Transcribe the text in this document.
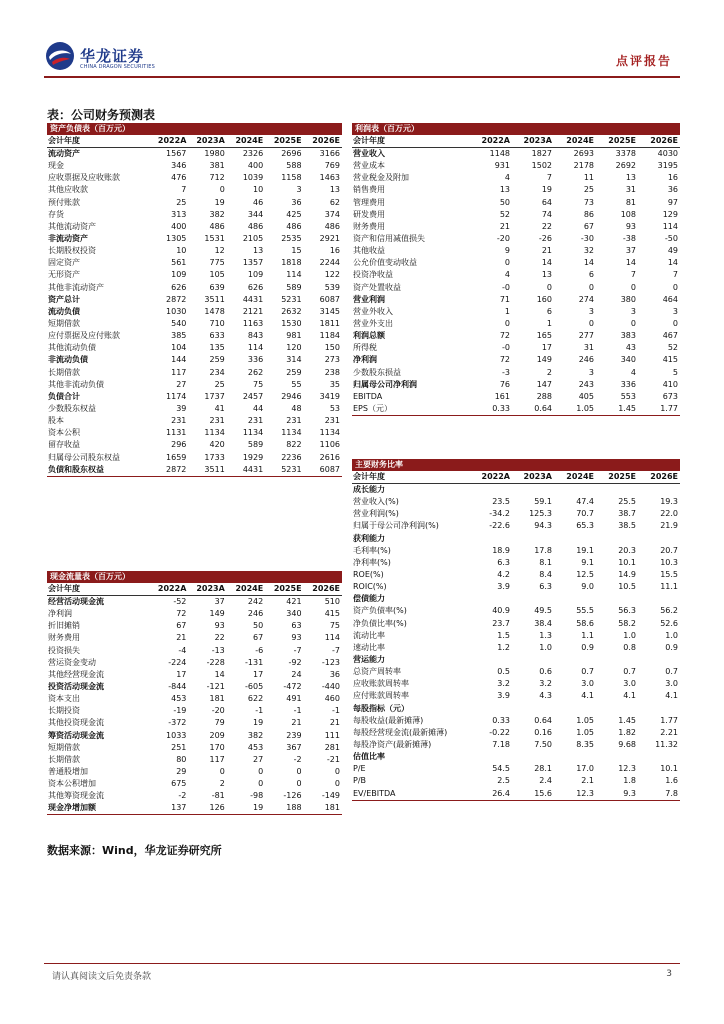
华龙证券
CHINA DRAGON SECURITIES	点评报告
表：公司财务预测表
资产负债表（百万元）					
会计年度	2022A	2023A	2024E	2025E	2026E
流动资产	1567	1980	2326	2696	3166
现金	346	381	400	588	769
应收票据及应收账款	476	712	1039	1158	1463
其他应收款	7	0	10	3	13
预付账款	25	19	46	36	62
存货	313	382	344	425	374
其他流动资产	400	486	486	486	486
非流动资产	1305	1531	2105	2535	2921
长期股权投资	10	12	13	15	16
固定资产	561	775	1357	1818	2244
无形资产	109	105	109	114	122
其他非流动资产	626	639	626	589	539
资产总计	2872	3511	4431	5231	6087
流动负债	1030	1478	2121	2632	3145
短期借款	540	710	1163	1530	1811
应付票据及应付账款	385	633	843	981	1184
其他流动负债	104	135	114	120	150
非流动负债	144	259	336	314	273
长期借款	117	234	262	259	238
其他非流动负债	27	25	75	55	35
负债合计	1174	1737	2457	2946	3419
少数股东权益	39	41	44	48	53
股本	231	231	231	231	231
资本公积	1131	1134	1134	1134	1134
留存收益	296	420	589	822	1106
归属母公司股东权益	1659	1733	1929	2236	2616
负债和股东权益	2872	3511	4431	5231	6087
利润表（百万元）					
会计年度	2022A	2023A	2024E	2025E	2026E
营业收入	1148	1827	2693	3378	4030
营业成本	931	1502	2178	2692	3195
营业税金及附加	4	7	11	13	16
销售费用	13	19	25	31	36
管理费用	50	64	73	81	97
研发费用	52	74	86	108	129
财务费用	21	22	67	93	114
资产和信用减值损失	-20	-26	-30	-38	-50
其他收益	9	21	32	37	49
公允价值变动收益	0	14	14	14	14
投资净收益	4	13	6	7	7
资产处置收益	-0	0	0	0	0
营业利润	71	160	274	380	464
营业外收入	1	6	3	3	3
营业外支出	0	1	0	0	0
利润总额	72	165	277	383	467
所得税	-0	17	31	43	52
净利润	72	149	246	340	415
少数股东损益	-3	2	3	4	5
归属母公司净利润	76	147	243	336	410
EBITDA	161	288	405	553	673
EPS（元）	0.33	0.64	1.05	1.45	1.77
主要财务比率					
会计年度	2022A	2023A	2024E	2025E	2026E
成长能力					
营业收入(%)	23.5	59.1	47.4	25.5	19.3
营业利润(%)	-34.2	125.3	70.7	38.7	22.0
归属于母公司净利润(%)	-22.6	94.3	65.3	38.5	21.9
获利能力					
毛利率(%)	18.9	17.8	19.1	20.3	20.7
净利率(%)	6.3	8.1	9.1	10.1	10.3
ROE(%)	4.2	8.4	12.5	14.9	15.5
ROIC(%)	3.9	6.3	9.0	10.5	11.1
偿债能力					
资产负债率(%)	40.9	49.5	55.5	56.3	56.2
净负债比率(%)	23.7	38.4	58.6	58.2	52.6
流动比率	1.5	1.3	1.1	1.0	1.0
速动比率	1.2	1.0	0.9	0.8	0.9
营运能力					
总资产周转率	0.5	0.6	0.7	0.7	0.7
应收账款周转率	3.2	3.2	3.0	3.0	3.0
应付账款周转率	3.9	4.3	4.1	4.1	4.1
每股指标（元）					
每股收益(最新摊薄)	0.33	0.64	1.05	1.45	1.77
每股经营现金流(最新摊薄)	-0.22	0.16	1.05	1.82	2.21
每股净资产(最新摊薄)	7.18	7.50	8.35	9.68	11.32
估值比率					
P/E	54.5	28.1	17.0	12.3	10.1
P/B	2.5	2.4	2.1	1.8	1.6
EV/EBITDA	26.4	15.6	12.3	9.3	7.8
现金流量表（百万元）					
会计年度	2022A	2023A	2024E	2025E	2026E
经营活动现金流	-52	37	242	421	510
净利润	72	149	246	340	415
折旧摊销	67	93	50	63	75
财务费用	21	22	67	93	114
投资损失	-4	-13	-6	-7	-7
营运资金变动	-224	-228	-131	-92	-123
其他经营现金流	17	14	17	24	36
投资活动现金流	-844	-121	-605	-472	-440
资本支出	453	181	622	491	460
长期投资	-19	-20	-1	-1	-1
其他投资现金流	-372	79	19	21	21
筹资活动现金流	1033	209	382	239	111
短期借款	251	170	453	367	281
长期借款	80	117	27	-2	-21
普通股增加	29	0	0	0	0
资本公积增加	675	2	0	0	0
其他筹资现金流	-2	-81	-98	-126	-149
现金净增加额	137	126	19	188	181
数据来源：Wind，华龙证券研究所
请认真阅读文后免责条款	3
